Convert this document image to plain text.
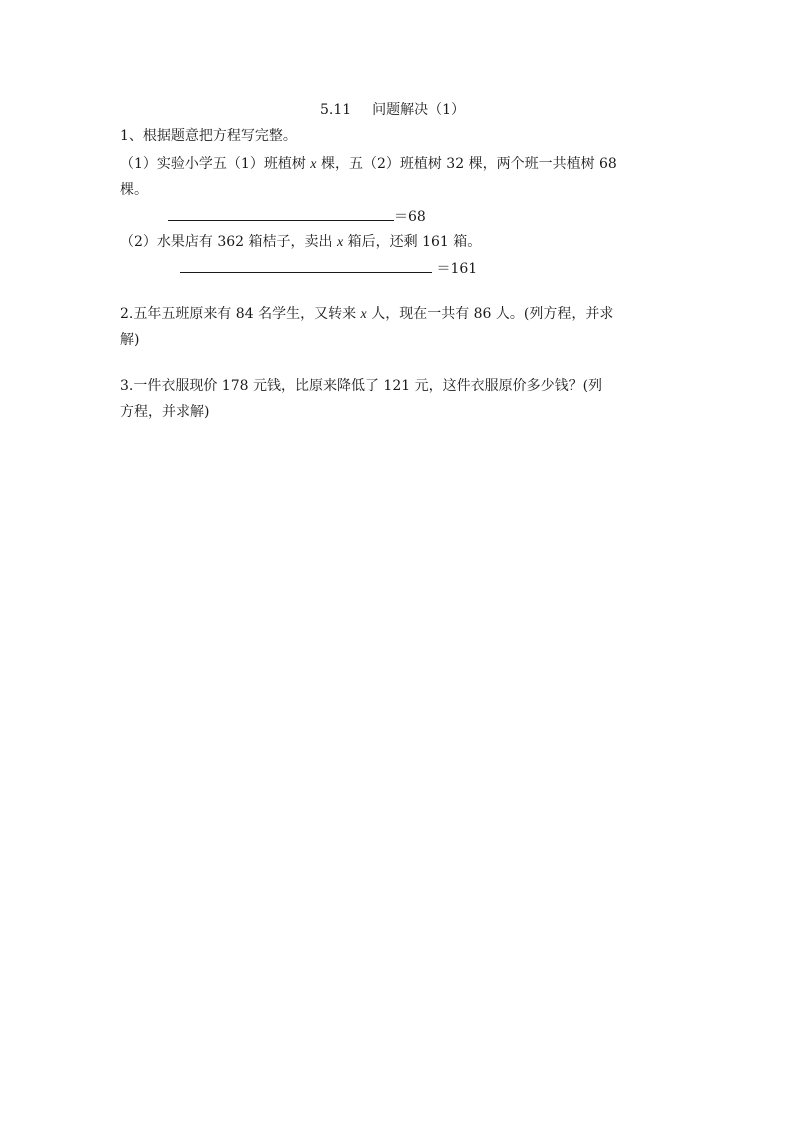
5.11 问题解决（1）
1、根据题意把方程写完整。
（1）实验小学五（1）班植树 x 棵，五（2）班植树 32 棵，两个班一共植树 68
棵。
＝68
（2）水果店有 362 箱桔子，卖出 x 箱后，还剩 161 箱。
＝161
2.五年五班原来有 84 名学生，又转来 x 人，现在一共有 86 人。(列方程，并求
解)
3.一件衣服现价 178 元钱，比原来降低了 121 元，这件衣服原价多少钱？(列
方程，并求解)
